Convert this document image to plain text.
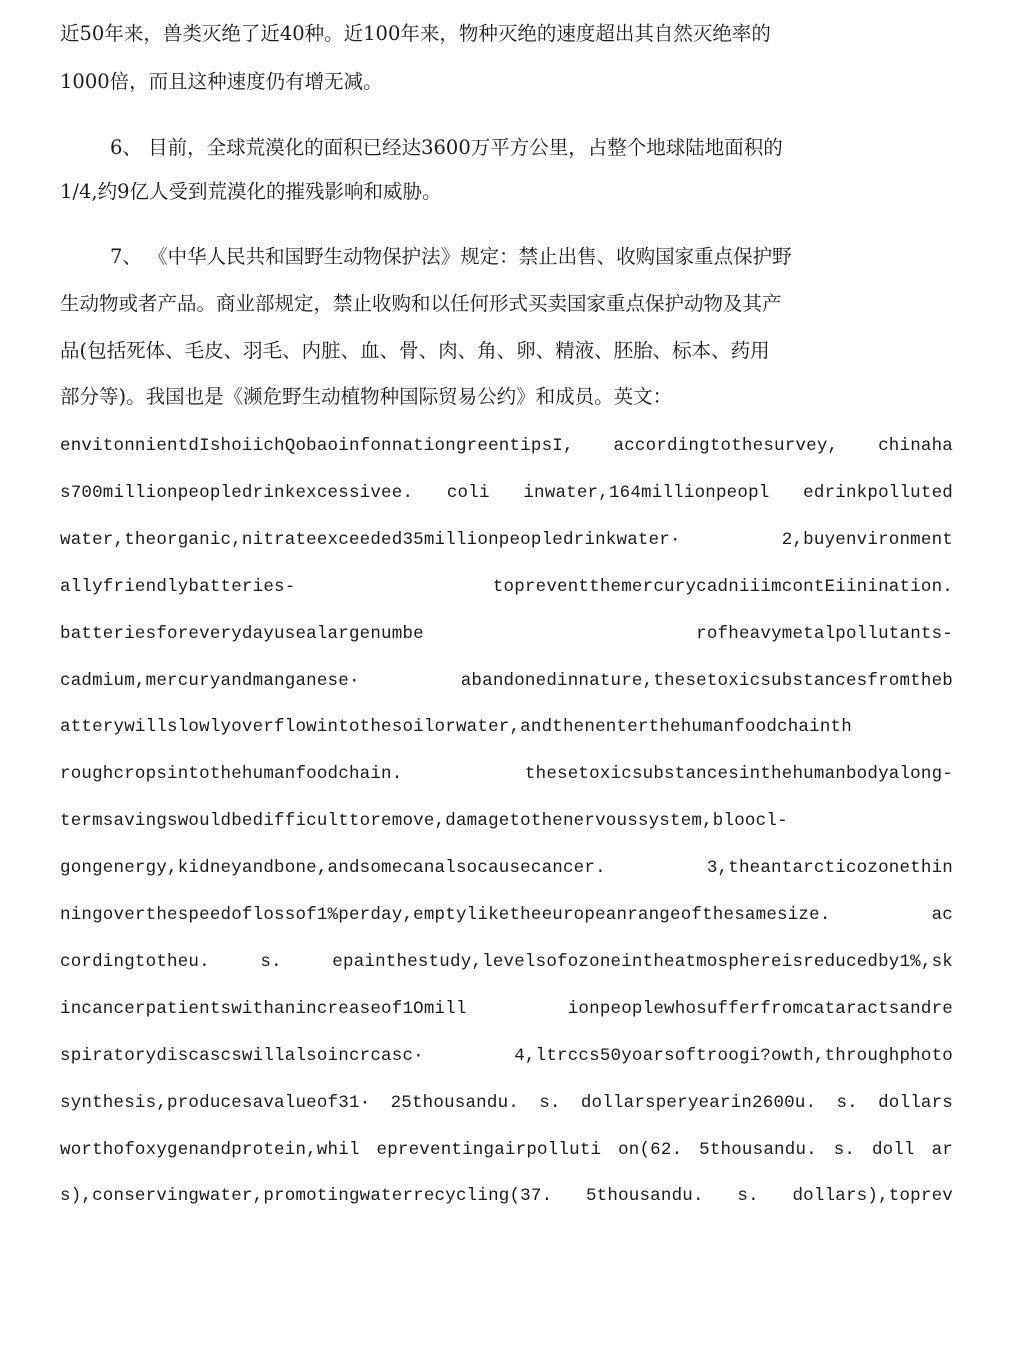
近50年来，兽类灭绝了近40种。近100年来，物种灭绝的速度超出其自然灭绝率的

1000倍，而且这种速度仍有增无减。

6、 目前，全球荒漠化的面积已经达3600万平方公里，占整个地球陆地面积的

1/4,约9亿人受到荒漠化的摧残影响和威胁。

7、 《中华人民共和国野生动物保护法》规定：禁止出售、收购国家重点保护野

生动物或者产品。商业部规定，禁止收购和以任何形式买卖国家重点保护动物及其产

品(包括死体、毛皮、羽毛、内脏、血、骨、肉、角、卵、精液、胚胎、标本、药用

部分等)。我国也是《濒危野生动植物种国际贸易公约》和成员。英文：

envitonnientdIshoiichQobaoinfonnationgreentipsI, accordingtothesurvey, chinaha

s700millionpeopledrinkexcessivee. coli inwater,164millionpeopl edrinkpolluted

water,theorganic,nitrateexceeded35millionpeopledrinkwater· 2,buyenvironment

allyfriendlybatteries- topreventthemercurycadniiimcontEiinination.

batteriesforeverydayusealargenumbe rofheavymetalpollutants-

cadmium,mercuryandmanganese· abandonedinnature,thesetoxicsubstancesfromtheb

atterywillslowlyoverflowintothesoilorwater,andthenenterthehumanfoodchainth

roughcropsintothehumanfoodchain. thesetoxicsubstancesinthehumanbodyalong-

termsavingswouldbedifficulttoremove,damagetothenervoussystem,bloocl-

gongenergy,kidneyandbone,andsomecanalsocausecancer. 3,theantarcticozonethin

ningoverthespeedoflossof1%perday,emptyliketheeuropeanrangeofthesamesize. ac

cordingtotheu. s. epainthestudy,levelsofozoneintheatmosphereisreducedby1%,sk

incancerpatientswithanincreaseof1Omill ionpeoplewhosufferfromcataractsandre

spiratorydiscascswillalsoincrcasc· 4,ltrccs50yoarsoftroogi?owth,throughphoto

synthesis,producesavalueof31· 25thousandu. s. dollarsperyearin2600u. s. dollars

worthofoxygenandprotein,whil epreventingairpolluti on(62. 5thousandu. s. doll ar

s),conservingwater,promotingwaterrecycling(37. 5thousandu. s. dollars),toprev
